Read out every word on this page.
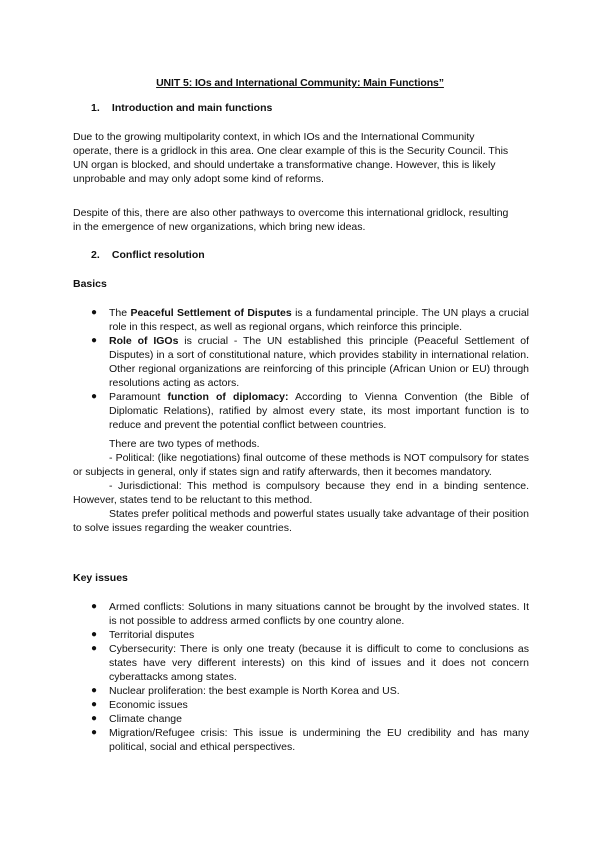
UNIT 5: IOs and International Community: Main Functions”
1. Introduction and main functions
Due to the growing multipolarity context, in which IOs and the International Community
operate, there is a gridlock in this area. One clear example of this is the Security Council. This
UN organ is blocked, and should undertake a transformative change. However, this is likely
unprobable and may only adopt some kind of reforms.
Despite of this, there are also other pathways to overcome this international gridlock, resulting
in the emergence of new organizations, which bring new ideas.
2. Conflict resolution
Basics
● The Peaceful Settlement of Disputes is a fundamental principle. The UN plays a crucial role in this respect, as well as regional organs, which reinforce this principle.
● Role of IGOs is crucial - The UN established this principle (Peaceful Settlement of Disputes) in a sort of constitutional nature, which provides stability in international relation. Other regional organizations are reinforcing of this principle (African Union or EU) through resolutions acting as actors.
● Paramount function of diplomacy: According to Vienna Convention (the Bible of Diplomatic Relations), ratified by almost every state, its most important function is to reduce and prevent the potential conflict between countries.
There are two types of methods.
- Political: (like negotiations) final outcome of these methods is NOT compulsory for states or subjects in general, only if states sign and ratify afterwards, then it becomes mandatory.
- Jurisdictional: This method is compulsory because they end in a binding sentence. However, states tend to be reluctant to this method.
States prefer political methods and powerful states usually take advantage of their position to solve issues regarding the weaker countries.
Key issues
● Armed conflicts: Solutions in many situations cannot be brought by the involved states. It is not possible to address armed conflicts by one country alone.
● Territorial disputes
● Cybersecurity: There is only one treaty (because it is difficult to come to conclusions as states have very different interests) on this kind of issues and it does not concern cyberattacks among states.
● Nuclear proliferation: the best example is North Korea and US.
● Economic issues
● Climate change
● Migration/Refugee crisis: This issue is undermining the EU credibility and has many political, social and ethical perspectives.
